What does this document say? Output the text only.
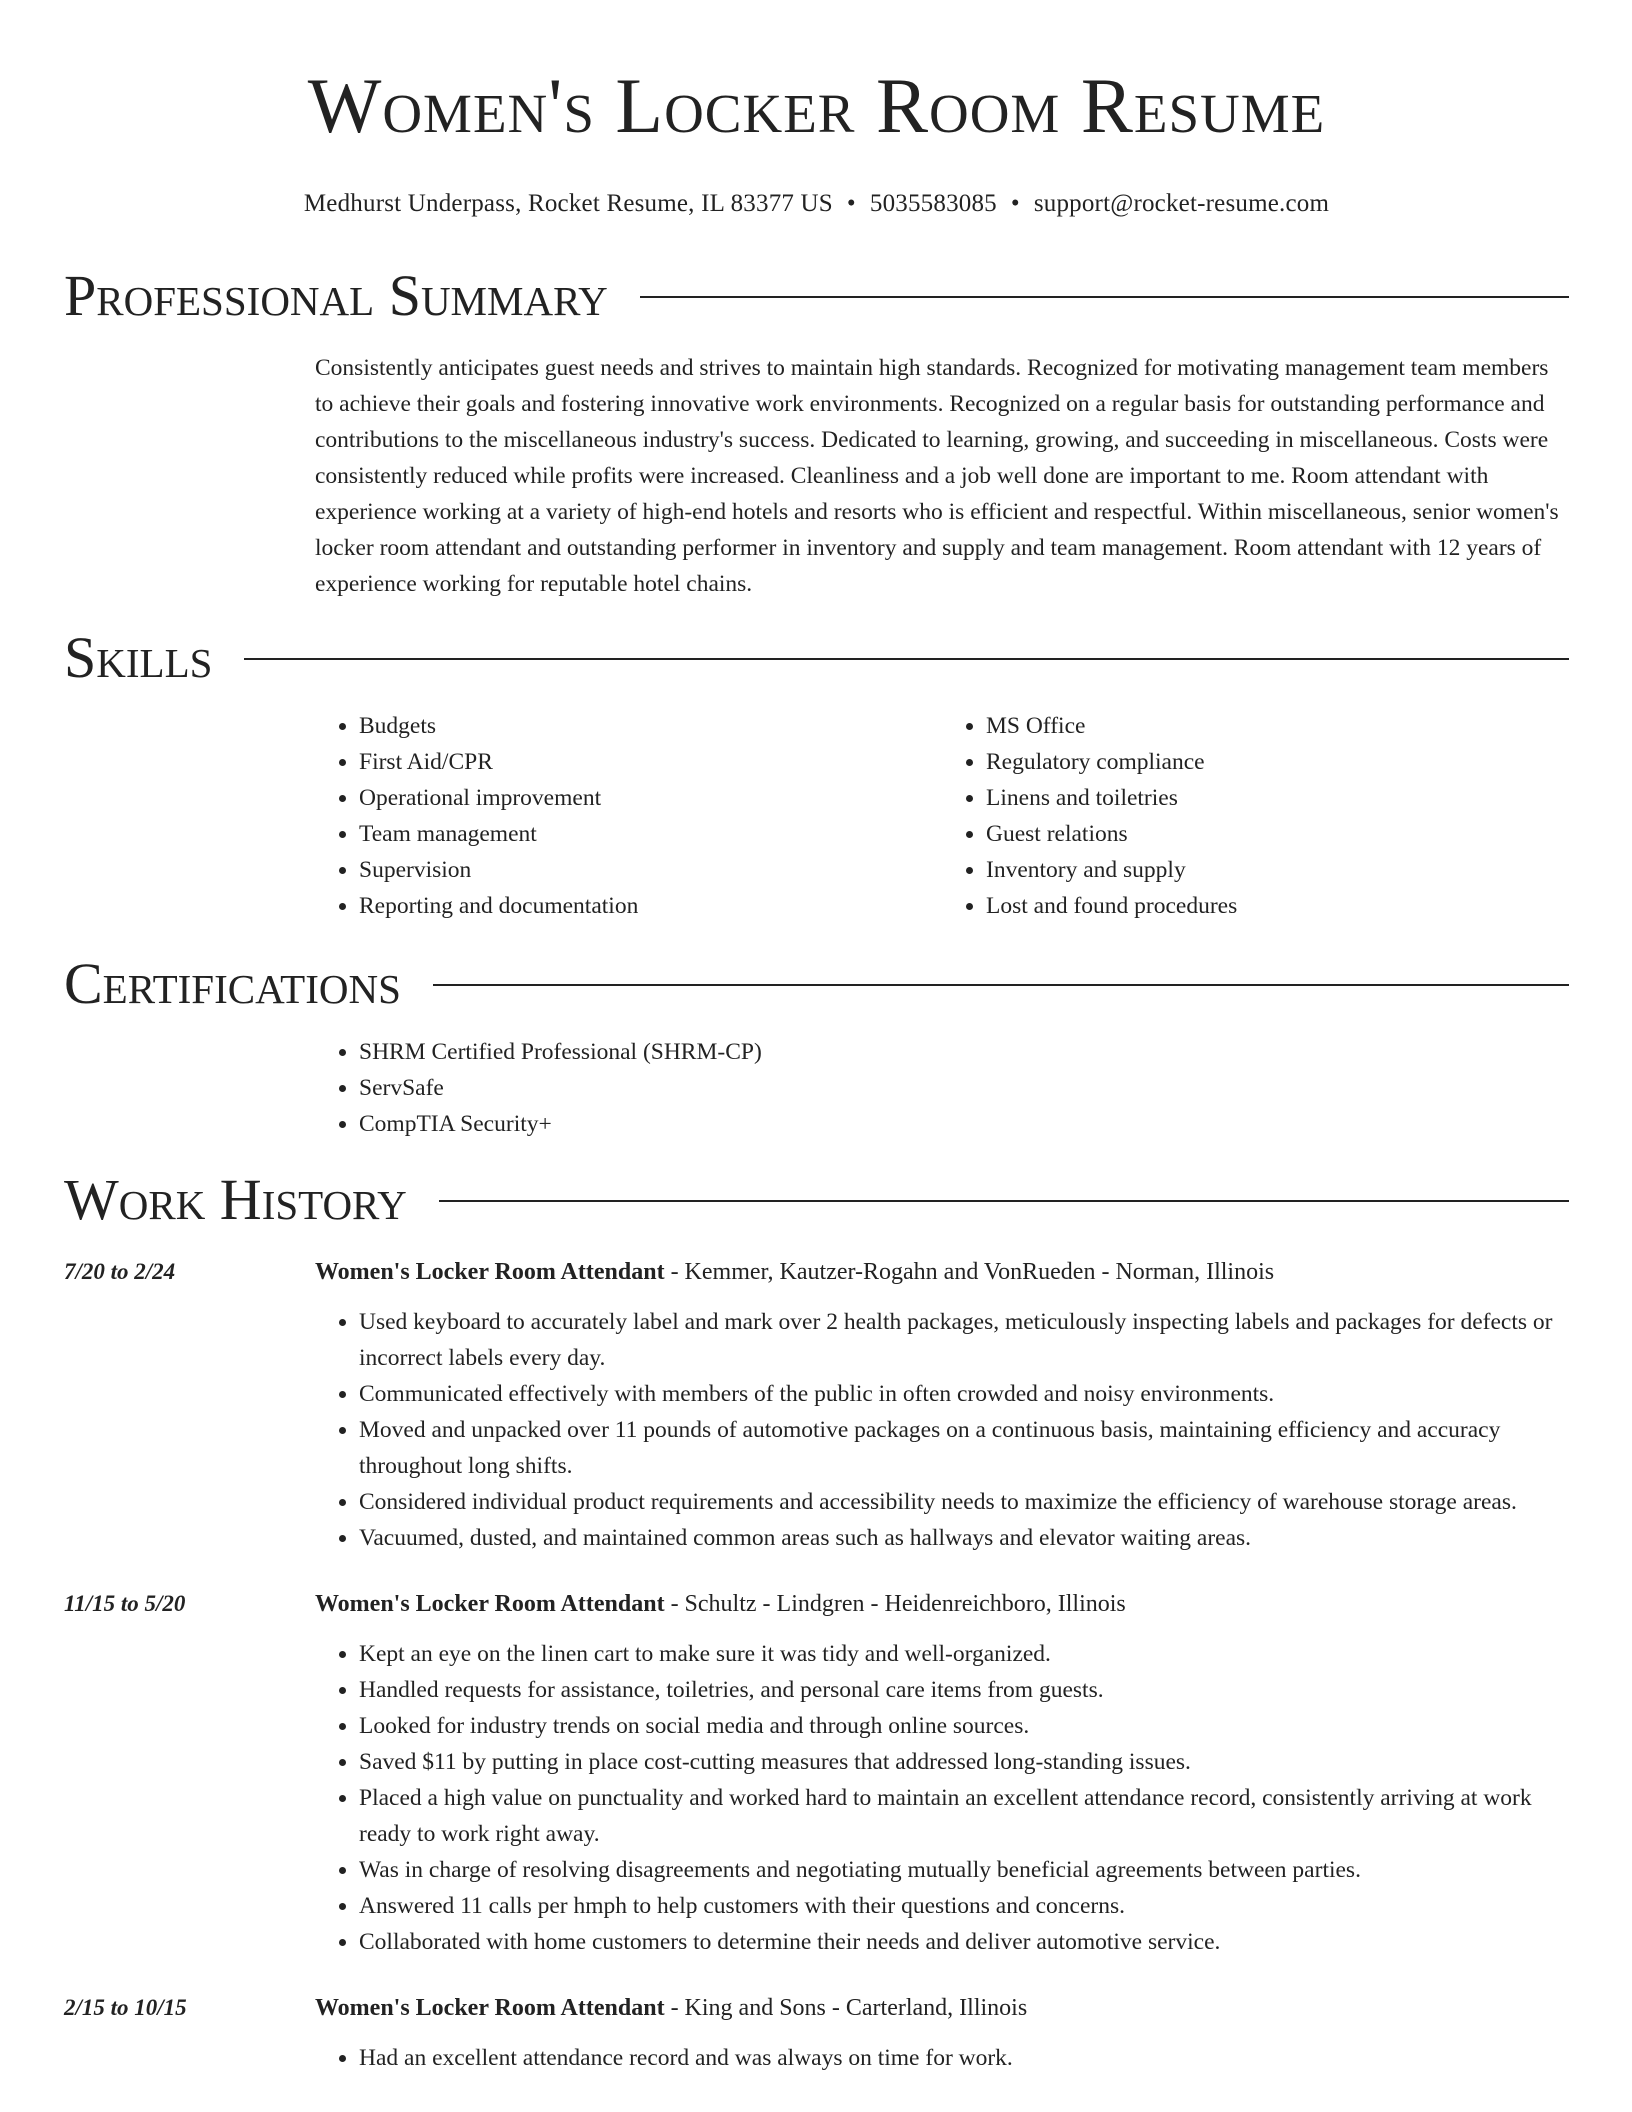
Women's Locker Room Resume
Medhurst Underpass, Rocket Resume, IL 83377 US • 5035583085 • support@rocket-resume.com
Professional Summary
Consistently anticipates guest needs and strives to maintain high standards. Recognized for motivating management team members to achieve their goals and fostering innovative work environments. Recognized on a regular basis for outstanding performance and contributions to the miscellaneous industry's success. Dedicated to learning, growing, and succeeding in miscellaneous. Costs were consistently reduced while profits were increased. Cleanliness and a job well done are important to me. Room attendant with experience working at a variety of high-end hotels and resorts who is efficient and respectful. Within miscellaneous, senior women's locker room attendant and outstanding performer in inventory and supply and team management. Room attendant with 12 years of experience working for reputable hotel chains.
Skills
• Budgets
• First Aid/CPR
• Operational improvement
• Team management
• Supervision
• Reporting and documentation
• MS Office
• Regulatory compliance
• Linens and toiletries
• Guest relations
• Inventory and supply
• Lost and found procedures
Certifications
• SHRM Certified Professional (SHRM-CP)
• ServSafe
• CompTIA Security+
Work History
7/20 to 2/24	Women's Locker Room Attendant - Kemmer, Kautzer-Rogahn and VonRueden - Norman, Illinois
• Used keyboard to accurately label and mark over 2 health packages, meticulously inspecting labels and packages for defects or incorrect labels every day.
• Communicated effectively with members of the public in often crowded and noisy environments.
• Moved and unpacked over 11 pounds of automotive packages on a continuous basis, maintaining efficiency and accuracy throughout long shifts.
• Considered individual product requirements and accessibility needs to maximize the efficiency of warehouse storage areas.
• Vacuumed, dusted, and maintained common areas such as hallways and elevator waiting areas.
11/15 to 5/20	Women's Locker Room Attendant - Schultz - Lindgren - Heidenreichboro, Illinois
• Kept an eye on the linen cart to make sure it was tidy and well-organized.
• Handled requests for assistance, toiletries, and personal care items from guests.
• Looked for industry trends on social media and through online sources.
• Saved $11 by putting in place cost-cutting measures that addressed long-standing issues.
• Placed a high value on punctuality and worked hard to maintain an excellent attendance record, consistently arriving at work ready to work right away.
• Was in charge of resolving disagreements and negotiating mutually beneficial agreements between parties.
• Answered 11 calls per hmph to help customers with their questions and concerns.
• Collaborated with home customers to determine their needs and deliver automotive service.
2/15 to 10/15	Women's Locker Room Attendant - King and Sons - Carterland, Illinois
• Had an excellent attendance record and was always on time for work.
